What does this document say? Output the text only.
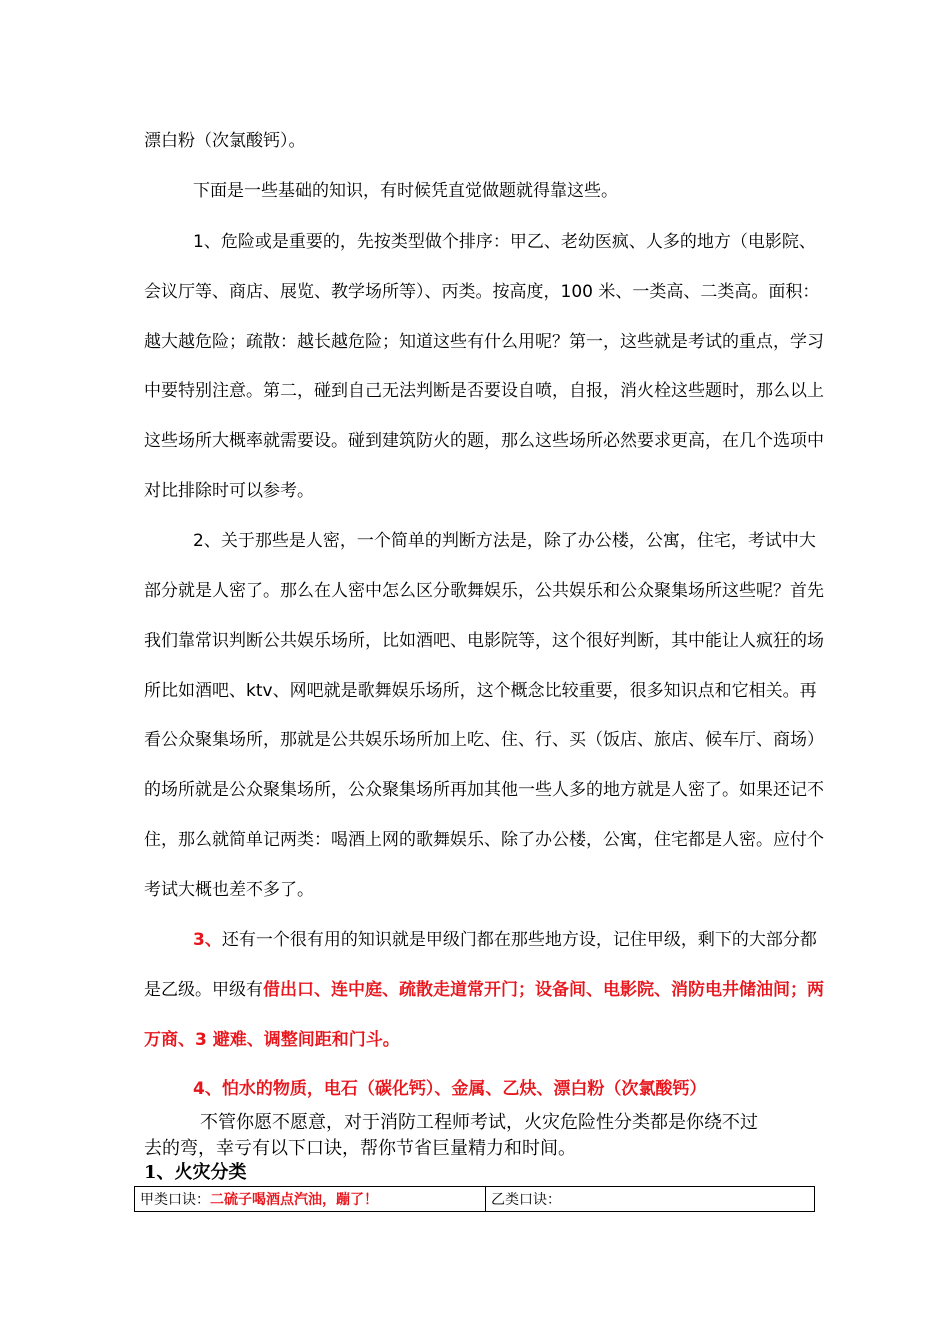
漂白粉（次氯酸钙）。
下面是一些基础的知识，有时候凭直觉做题就得靠这些。
1、危险或是重要的，先按类型做个排序：甲乙、老幼医疯、人多的地方（电影院、
会议厅等、商店、展览、教学场所等）、丙类。按高度，100 米、一类高、二类高。面积：
越大越危险；疏散：越长越危险；知道这些有什么用呢？第一，这些就是考试的重点，学习
中要特别注意。第二，碰到自己无法判断是否要设自喷，自报，消火栓这些题时，那么以上
这些场所大概率就需要设。碰到建筑防火的题，那么这些场所必然要求更高，在几个选项中
对比排除时可以参考。
2、关于那些是人密，一个简单的判断方法是，除了办公楼，公寓，住宅，考试中大
部分就是人密了。那么在人密中怎么区分歌舞娱乐，公共娱乐和公众聚集场所这些呢？首先
我们靠常识判断公共娱乐场所，比如酒吧、电影院等，这个很好判断，其中能让人疯狂的场
所比如酒吧、ktv、网吧就是歌舞娱乐场所，这个概念比较重要，很多知识点和它相关。再
看公众聚集场所，那就是公共娱乐场所加上吃、住、行、买（饭店、旅店、候车厅、商场）
的场所就是公众聚集场所，公众聚集场所再加其他一些人多的地方就是人密了。如果还记不
住，那么就简单记两类：喝酒上网的歌舞娱乐、除了办公楼，公寓，住宅都是人密。应付个
考试大概也差不多了。
3、还有一个很有用的知识就是甲级门都在那些地方设，记住甲级，剩下的大部分都
是乙级。甲级有借出口、连中庭、疏散走道常开门；设备间、电影院、消防电井储油间；两
万商、3 避难、调整间距和门斗。
4、怕水的物质，电石（碳化钙）、金属、乙炔、漂白粉（次氯酸钙）
不管你愿不愿意，对于消防工程师考试，火灾危险性分类都是你绕不过
去的弯，幸亏有以下口诀，帮你节省巨量精力和时间。
1、火灾分类
甲类口诀：二硫子喝酒点汽油，蹦了！	乙类口诀：
